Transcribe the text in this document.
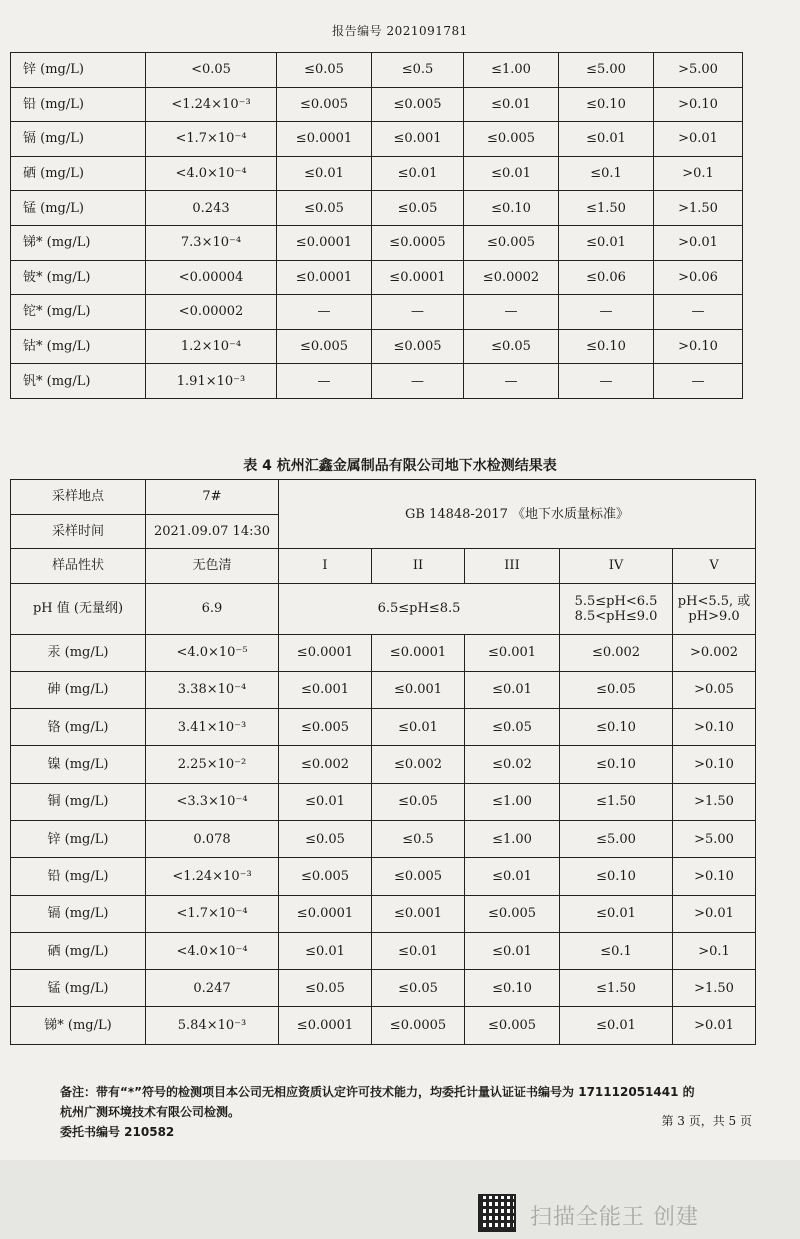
报告编号 2021091781
锌 (mg/L)	<0.05	≤0.05	≤0.5	≤1.00	≤5.00	>5.00
铅 (mg/L)	<1.24×10⁻³	≤0.005	≤0.005	≤0.01	≤0.10	>0.10
镉 (mg/L)	<1.7×10⁻⁴	≤0.0001	≤0.001	≤0.005	≤0.01	>0.01
硒 (mg/L)	<4.0×10⁻⁴	≤0.01	≤0.01	≤0.01	≤0.1	>0.1
锰 (mg/L)	0.243	≤0.05	≤0.05	≤0.10	≤1.50	>1.50
锑* (mg/L)	7.3×10⁻⁴	≤0.0001	≤0.0005	≤0.005	≤0.01	>0.01
铍* (mg/L)	<0.00004	≤0.0001	≤0.0001	≤0.0002	≤0.06	>0.06
铊* (mg/L)	<0.00002	—	—	—	—	—
钴* (mg/L)	1.2×10⁻⁴	≤0.005	≤0.005	≤0.05	≤0.10	>0.10
钒* (mg/L)	1.91×10⁻³	—	—	—	—	—
表 4 杭州汇鑫金属制品有限公司地下水检测结果表
采样地点	7#	GB 14848-2017 《地下水质量标准》				
采样时间	2021.09.07 14:30					
样品性状	无色清	I	II	III	IV	V
pH 值 (无量纲)	6.9	6.5≤pH≤8.5			5.5≤pH<6.5 8.5<pH≤9.0	pH<5.5, 或 pH>9.0
汞 (mg/L)	<4.0×10⁻⁵	≤0.0001	≤0.0001	≤0.001	≤0.002	>0.002
砷 (mg/L)	3.38×10⁻⁴	≤0.001	≤0.001	≤0.01	≤0.05	>0.05
铬 (mg/L)	3.41×10⁻³	≤0.005	≤0.01	≤0.05	≤0.10	>0.10
镍 (mg/L)	2.25×10⁻²	≤0.002	≤0.002	≤0.02	≤0.10	>0.10
铜 (mg/L)	<3.3×10⁻⁴	≤0.01	≤0.05	≤1.00	≤1.50	>1.50
锌 (mg/L)	0.078	≤0.05	≤0.5	≤1.00	≤5.00	>5.00
铅 (mg/L)	<1.24×10⁻³	≤0.005	≤0.005	≤0.01	≤0.10	>0.10
镉 (mg/L)	<1.7×10⁻⁴	≤0.0001	≤0.001	≤0.005	≤0.01	>0.01
硒 (mg/L)	<4.0×10⁻⁴	≤0.01	≤0.01	≤0.01	≤0.1	>0.1
锰 (mg/L)	0.247	≤0.05	≤0.05	≤0.10	≤1.50	>1.50
锑* (mg/L)	5.84×10⁻³	≤0.0001	≤0.0005	≤0.005	≤0.01	>0.01
备注：带有“*”符号的检测项目本公司无相应资质认定许可技术能力，均委托计量认证证书编号为 171112051441 的杭州广测环境技术有限公司检测。
委托书编号 210582
第 3 页，共 5 页
扫描全能王 创建
